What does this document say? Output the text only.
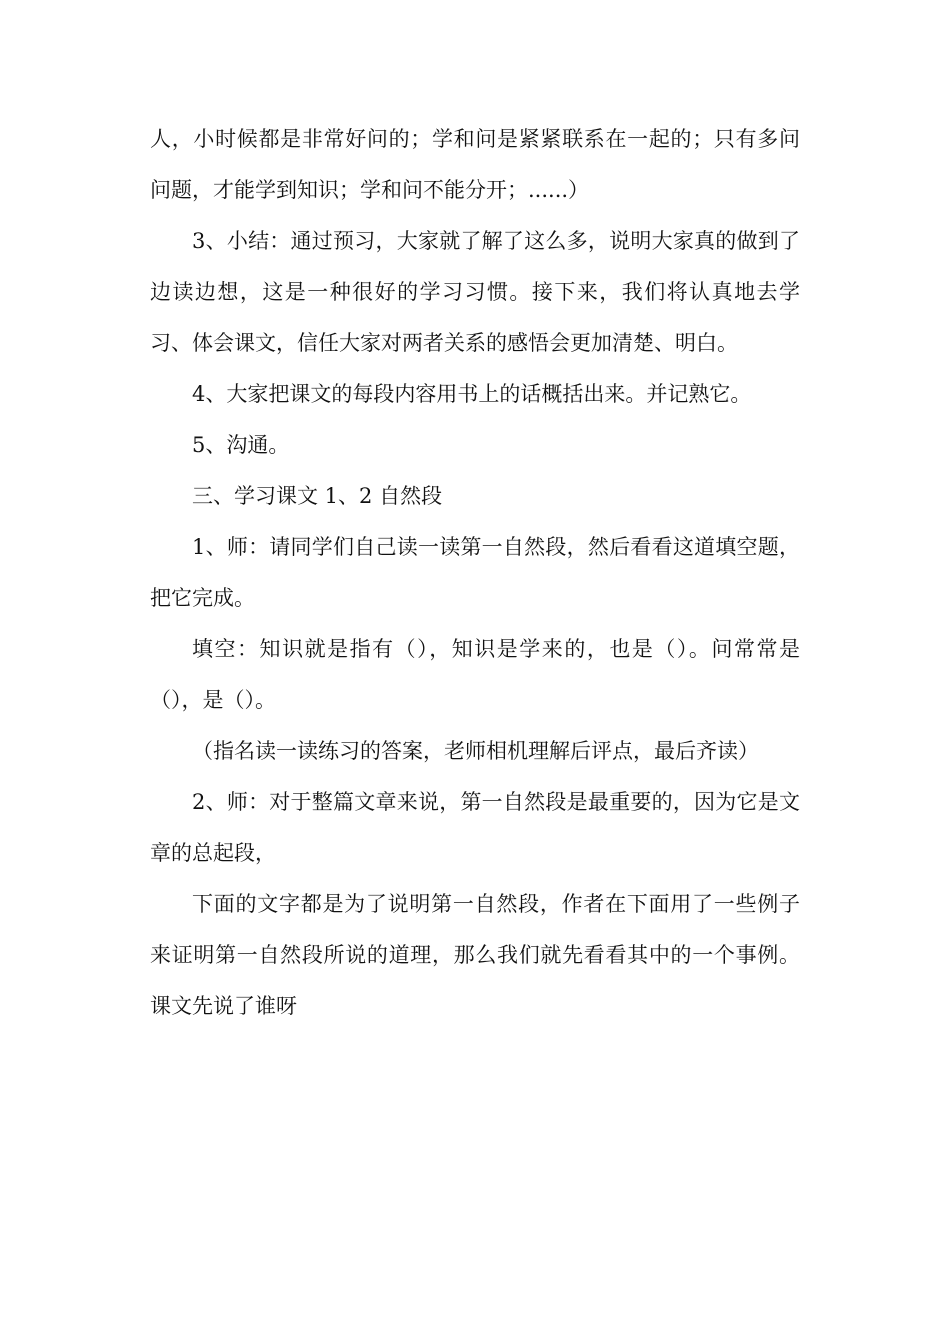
人，小时候都是非常好问的；学和问是紧紧联系在一起的；只有多问问题，才能学到知识；学和问不能分开；......）

3、小结：通过预习，大家就了解了这么多，说明大家真的做到了边读边想，这是一种很好的学习习惯。接下来，我们将认真地去学习、体会课文，信任大家对两者关系的感悟会更加清楚、明白。

4、大家把课文的每段内容用书上的话概括出来。并记熟它。

5、沟通。

三、学习课文 1、2 自然段

1、师：请同学们自己读一读第一自然段，然后看看这道填空题，把它完成。

填空：知识就是指有（），知识是学来的，也是（）。问常常是（），是（）。

（指名读一读练习的答案，老师相机理解后评点，最后齐读）

2、师：对于整篇文章来说，第一自然段是最重要的，因为它是文章的总起段，

下面的文字都是为了说明第一自然段，作者在下面用了一些例子来证明第一自然段所说的道理，那么我们就先看看其中的一个事例。课文先说了谁呀
